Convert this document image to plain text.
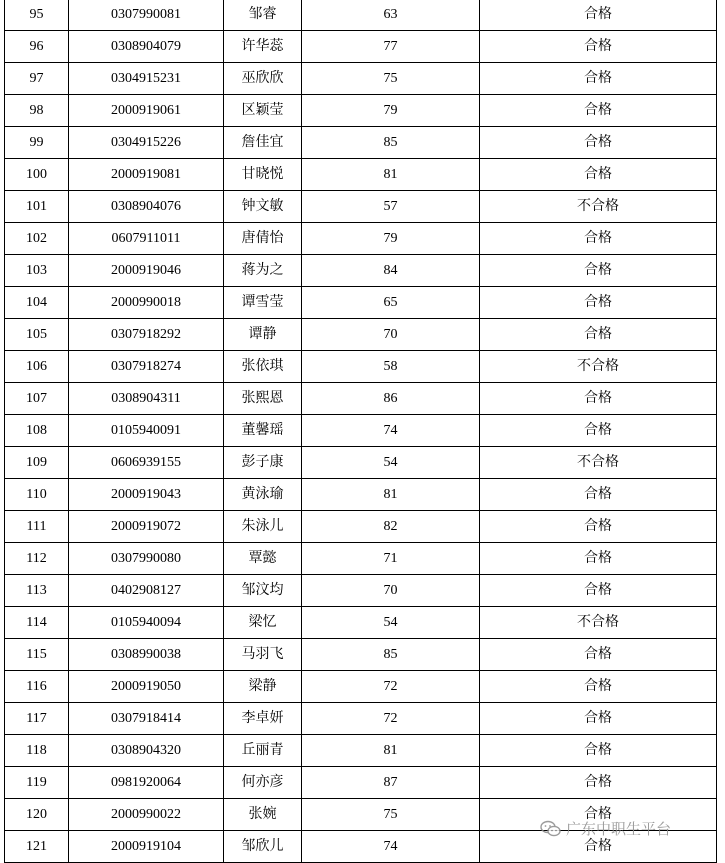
95	0307990081	邹睿	63	合格
96	0308904079	许华蕊	77	合格
97	0304915231	巫欣欣	75	合格
98	2000919061	区颖莹	79	合格
99	0304915226	詹佳宜	85	合格
100	2000919081	甘晓悦	81	合格
101	0308904076	钟文敏	57	不合格
102	0607911011	唐倩怡	79	合格
103	2000919046	蒋为之	84	合格
104	2000990018	谭雪莹	65	合格
105	0307918292	谭静	70	合格
106	0307918274	张依琪	58	不合格
107	0308904311	张熙恩	86	合格
108	0105940091	董馨瑶	74	合格
109	0606939155	彭子康	54	不合格
110	2000919043	黄泳瑜	81	合格
111	2000919072	朱泳儿	82	合格
112	0307990080	覃懿	71	合格
113	0402908127	邹汶均	70	合格
114	0105940094	梁忆	54	不合格
115	0308990038	马羽飞	85	合格
116	2000919050	梁静	72	合格
117	0307918414	李卓妍	72	合格
118	0308904320	丘丽青	81	合格
119	0981920064	何亦彦	87	合格
120	2000990022	张婉	75	合格
121	2000919104	邹欣儿	74	合格
广东中职生平台
